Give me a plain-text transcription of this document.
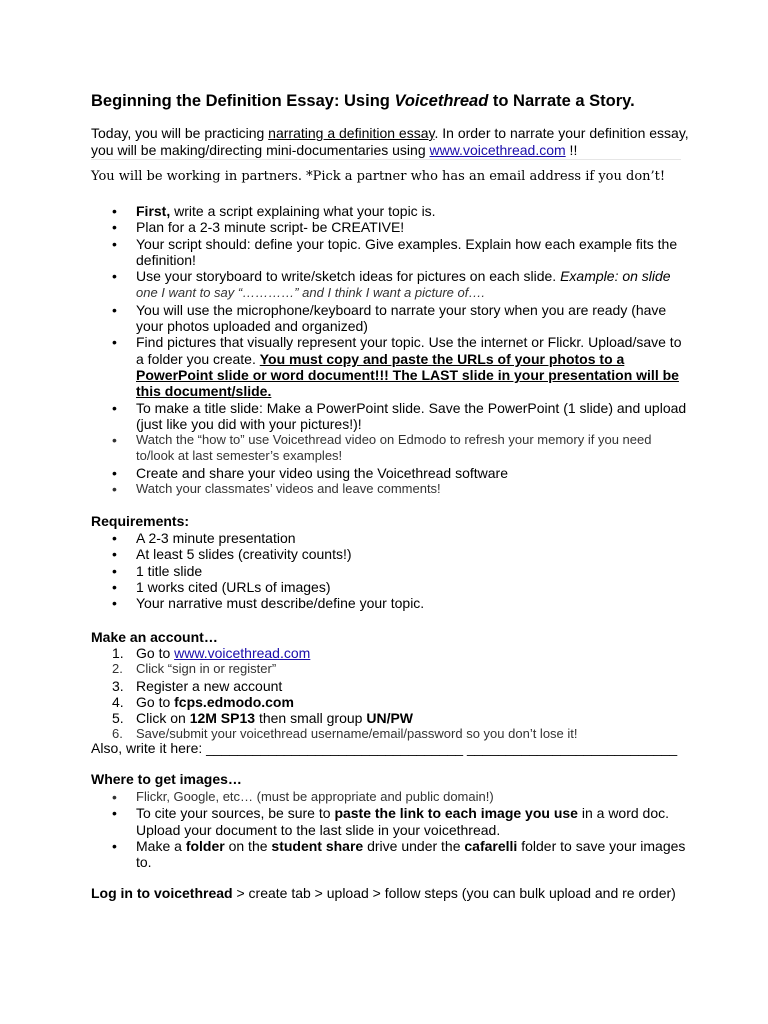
Beginning the Definition Essay: Using Voicethread to Narrate a Story.
Today, you will be practicing narrating a definition essay. In order to narrate your definition essay, you will be making/directing mini-documentaries using www.voicethread.com !!
You will be working in partners. *Pick a partner who has an email address if you don’t!
• First, write a script explaining what your topic is.
• Plan for a 2-3 minute script- be CREATIVE!
• Your script should: define your topic. Give examples. Explain how each example fits the definition!
• Use your storyboard to write/sketch ideas for pictures on each slide. Example: on slide
one I want to say “…………” and I think I want a picture of….
• You will use the microphone/keyboard to narrate your story when you are ready (have your photos uploaded and organized)
• Find pictures that visually represent your topic. Use the internet or Flickr. Upload/save to a folder you create. You must copy and paste the URLs of your photos to a PowerPoint slide or word document!!! The LAST slide in your presentation will be this document/slide.
• To make a title slide: Make a PowerPoint slide. Save the PowerPoint (1 slide) and upload (just like you did with your pictures!)!
• Watch the “how to” use Voicethread video on Edmodo to refresh your memory if you need to/look at last semester’s examples!
• Create and share your video using the Voicethread software
• Watch your classmates’ videos and leave comments!
Requirements:
• A 2-3 minute presentation
• At least 5 slides (creativity counts!)
• 1 title slide
• 1 works cited (URLs of images)
• Your narrative must describe/define your topic.
Make an account…
1. Go to www.voicethread.com
2. Click “sign in or register”
3. Register a new account
4. Go to fcps.edmodo.com
5. Click on 12M SP13 then small group UN/PW
6. Save/submit your voicethread username/email/password so you don’t lose it!
Also, write it here: _________________________________ ___________________________
Where to get images…
• Flickr, Google, etc… (must be appropriate and public domain!)
• To cite your sources, be sure to paste the link to each image you use in a word doc. Upload your document to the last slide in your voicethread.
• Make a folder on the student share drive under the cafarelli folder to save your images to.
Log in to voicethread > create tab > upload > follow steps (you can bulk upload and re order)
